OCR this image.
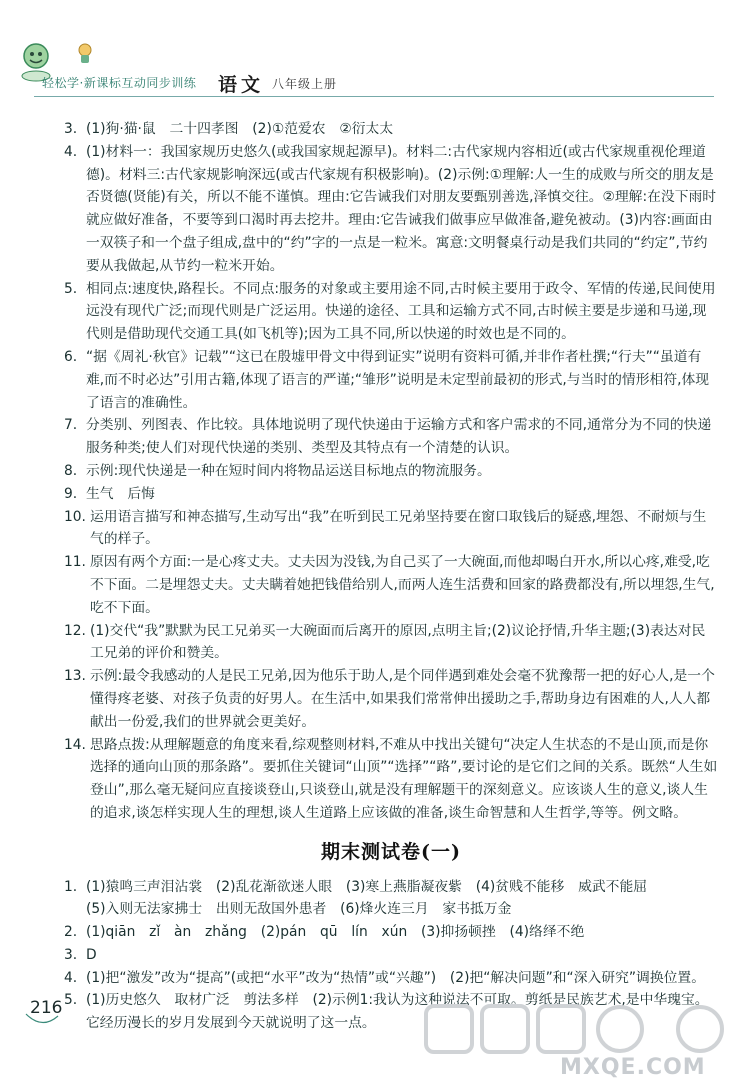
轻松学·新课标互动同步训练 语文 八年级上册
3. (1)狗·猫·鼠　二十四孝图　(2)①范爱农　②衍太太
4. (1)材料一：我国家规历史悠久(或我国家规起源早)。材料二:古代家规内容相近(或古代家规重视伦理道德)。材料三:古代家规影响深远(或古代家规有积极影响)。(2)示例:①理解:人一生的成败与所交的朋友是否贤德(贤能)有关，所以不能不谨慎。理由:它告诫我们对朋友要甄别善选,泽慎交往。②理解:在没下雨时就应做好准备，不要等到口渴时再去挖井。理由:它告诫我们做事应早做准备,避免被动。(3)内容:画面由一双筷子和一个盘子组成,盘中的“约”字的一点是一粒米。寓意:文明餐桌行动是我们共同的“约定”,节约要从我做起,从节约一粒米开始。
5. 相同点:速度快,路程长。不同点:服务的对象或主要用途不同,古时候主要用于政令、军情的传递,民间使用远没有现代广泛;而现代则是广泛运用。快递的途径、工具和运输方式不同,古时候主要是步递和马递,现代则是借助现代交通工具(如飞机等);因为工具不同,所以快递的时效也是不同的。
6. “据《周礼·秋官》记载”“这已在殷墟甲骨文中得到证实”说明有资料可循,并非作者杜撰;“行夫”“虽道有难,而不时必达”引用古籍,体现了语言的严谨;“雏形”说明是未定型前最初的形式,与当时的情形相符,体现了语言的准确性。
7. 分类别、列图表、作比较。具体地说明了现代快递由于运输方式和客户需求的不同,通常分为不同的快递服务种类;使人们对现代快递的类别、类型及其特点有一个清楚的认识。
8. 示例:现代快递是一种在短时间内将物品运送目标地点的物流服务。
9. 生气　后悔
10. 运用语言描写和神态描写,生动写出“我”在听到民工兄弟坚持要在窗口取钱后的疑惑,埋怨、不耐烦与生气的样子。
11. 原因有两个方面:一是心疼丈夫。丈夫因为没钱,为自己买了一大碗面,而他却喝白开水,所以心疼,难受,吃不下面。二是埋怨丈夫。丈夫瞒着她把钱借给别人,而两人连生活费和回家的路费都没有,所以埋怨,生气,吃不下面。
12. (1)交代“我”默默为民工兄弟买一大碗面而后离开的原因,点明主旨;(2)议论抒情,升华主题;(3)表达对民工兄弟的评价和赞美。
13. 示例:最令我感动的人是民工兄弟,因为他乐于助人,是个同伴遇到难处会毫不犹豫帮一把的好心人,是一个懂得疼老婆、对孩子负责的好男人。在生活中,如果我们常常伸出援助之手,帮助身边有困难的人,人人都献出一份爱,我们的世界就会更美好。
14. 思路点拨:从理解题意的角度来看,综观整则材料,不难从中找出关键句“决定人生状态的不是山顶,而是你选择的通向山顶的那条路”。要抓住关键词“山顶”“选择”“路”,要讨论的是它们之间的关系。既然“人生如登山”,那么毫无疑问应直接谈登山,只谈登山,就是没有理解题干的深刻意义。应该谈人生的意义,谈人生的追求,谈怎样实现人生的理想,谈人生道路上应该做的准备,谈生命智慧和人生哲学,等等。例文略。
期末测试卷(一)
1. (1)猿鸣三声泪沾裳　(2)乱花渐欲迷人眼　(3)寒上燕脂凝夜紫　(4)贫贱不能移　威武不能屈
(5)入则无法家拂士　出则无敌国外患者　(6)烽火连三月　家书抵万金
2. (1)qiān　zǐ　àn　zhǎng　(2)pán　qū　lín　xún　(3)抑扬顿挫　(4)络绎不绝
3. D
4. (1)把“激发”改为“提高”(或把“水平”改为“热情”或“兴趣”)　(2)把“解决问题”和“深入研究”调换位置。
5. (1)历史悠久　取材广泛　剪法多样　(2)示例1:我认为这种说法不可取。剪纸是民族艺术,是中华瑰宝。它经历漫长的岁月发展到今天就说明了这一点。
216
MXQE.COM
